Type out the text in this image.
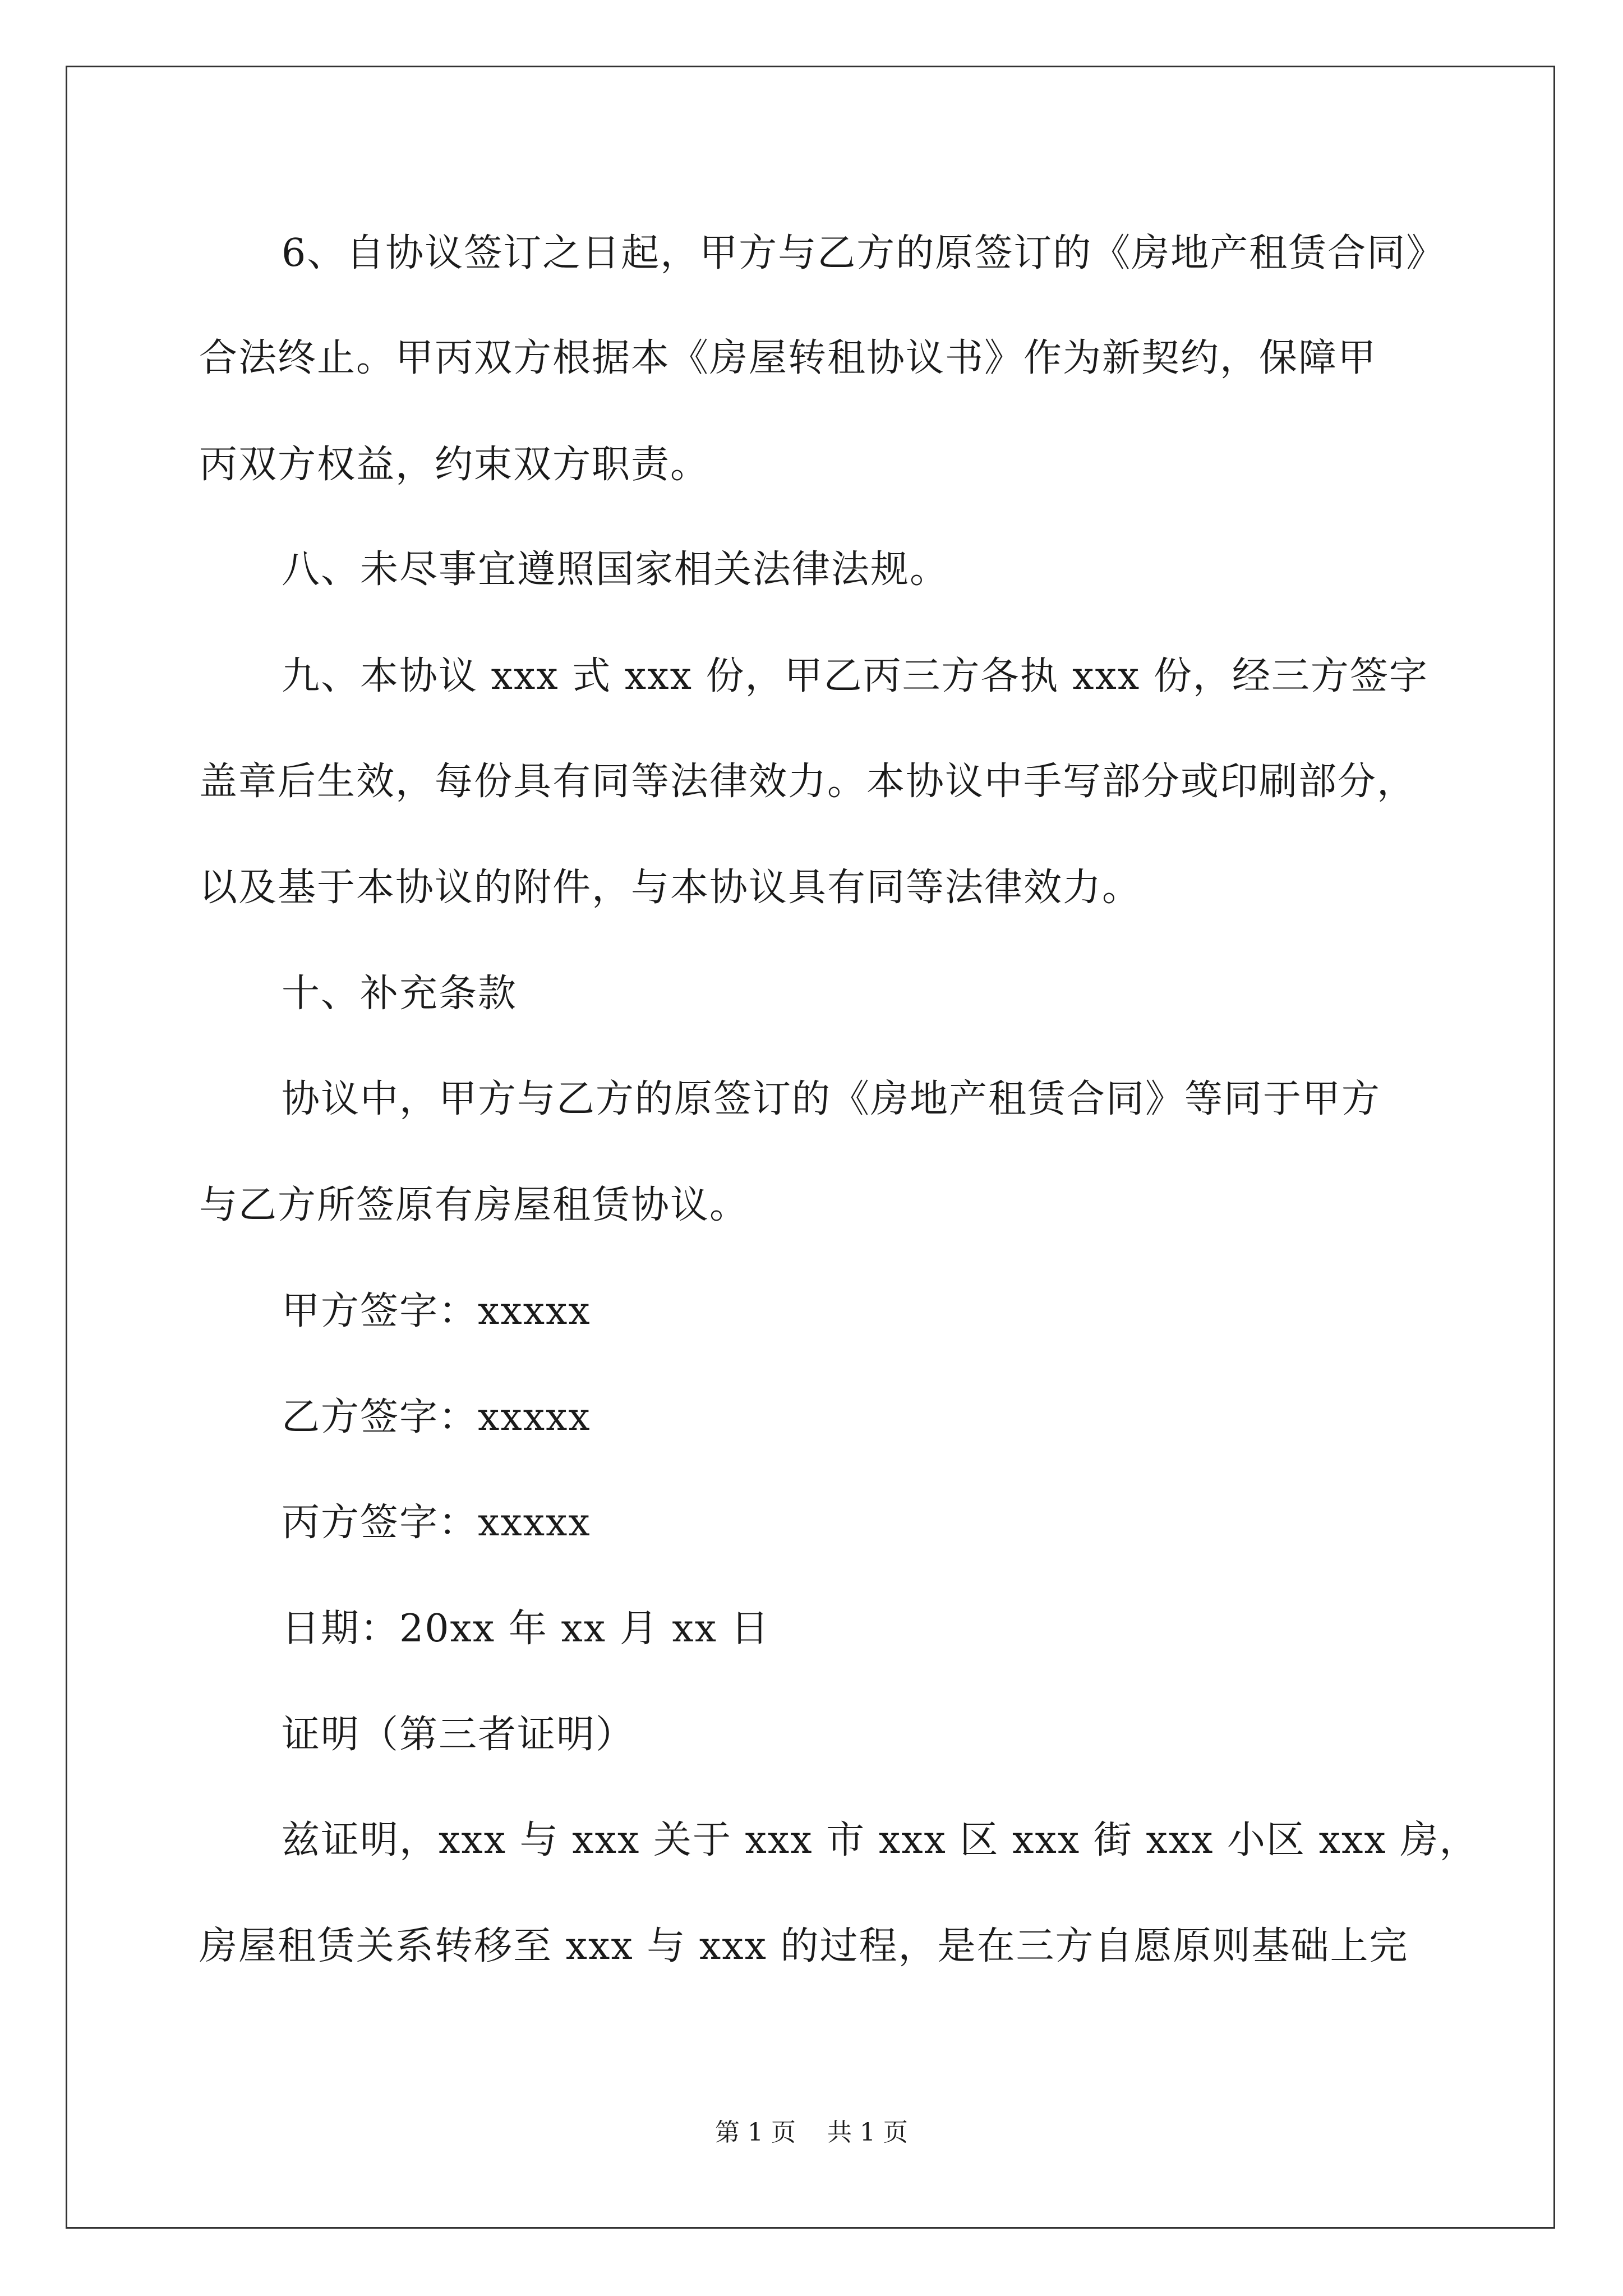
6、自协议签订之日起，甲方与乙方的原签订的《房地产租赁合同》
合法终止。甲丙双方根据本《房屋转租协议书》作为新契约，保障甲
丙双方权益，约束双方职责。
八、未尽事宜遵照国家相关法律法规。
九、本协议 xxx 式 xxx 份，甲乙丙三方各执 xxx 份，经三方签字
盖章后生效，每份具有同等法律效力。本协议中手写部分或印刷部分，
以及基于本协议的附件，与本协议具有同等法律效力。
十、补充条款
协议中，甲方与乙方的原签订的《房地产租赁合同》等同于甲方
与乙方所签原有房屋租赁协议。
甲方签字：xxxxx
乙方签字：xxxxx
丙方签字：xxxxx
日期：20xx 年 xx 月 xx 日
证明（第三者证明）
兹证明，xxx 与 xxx 关于 xxx 市 xxx 区 xxx 街 xxx 小区 xxx 房，
房屋租赁关系转移至 xxx 与 xxx 的过程，是在三方自愿原则基础上完
第 1 页    共 1 页
